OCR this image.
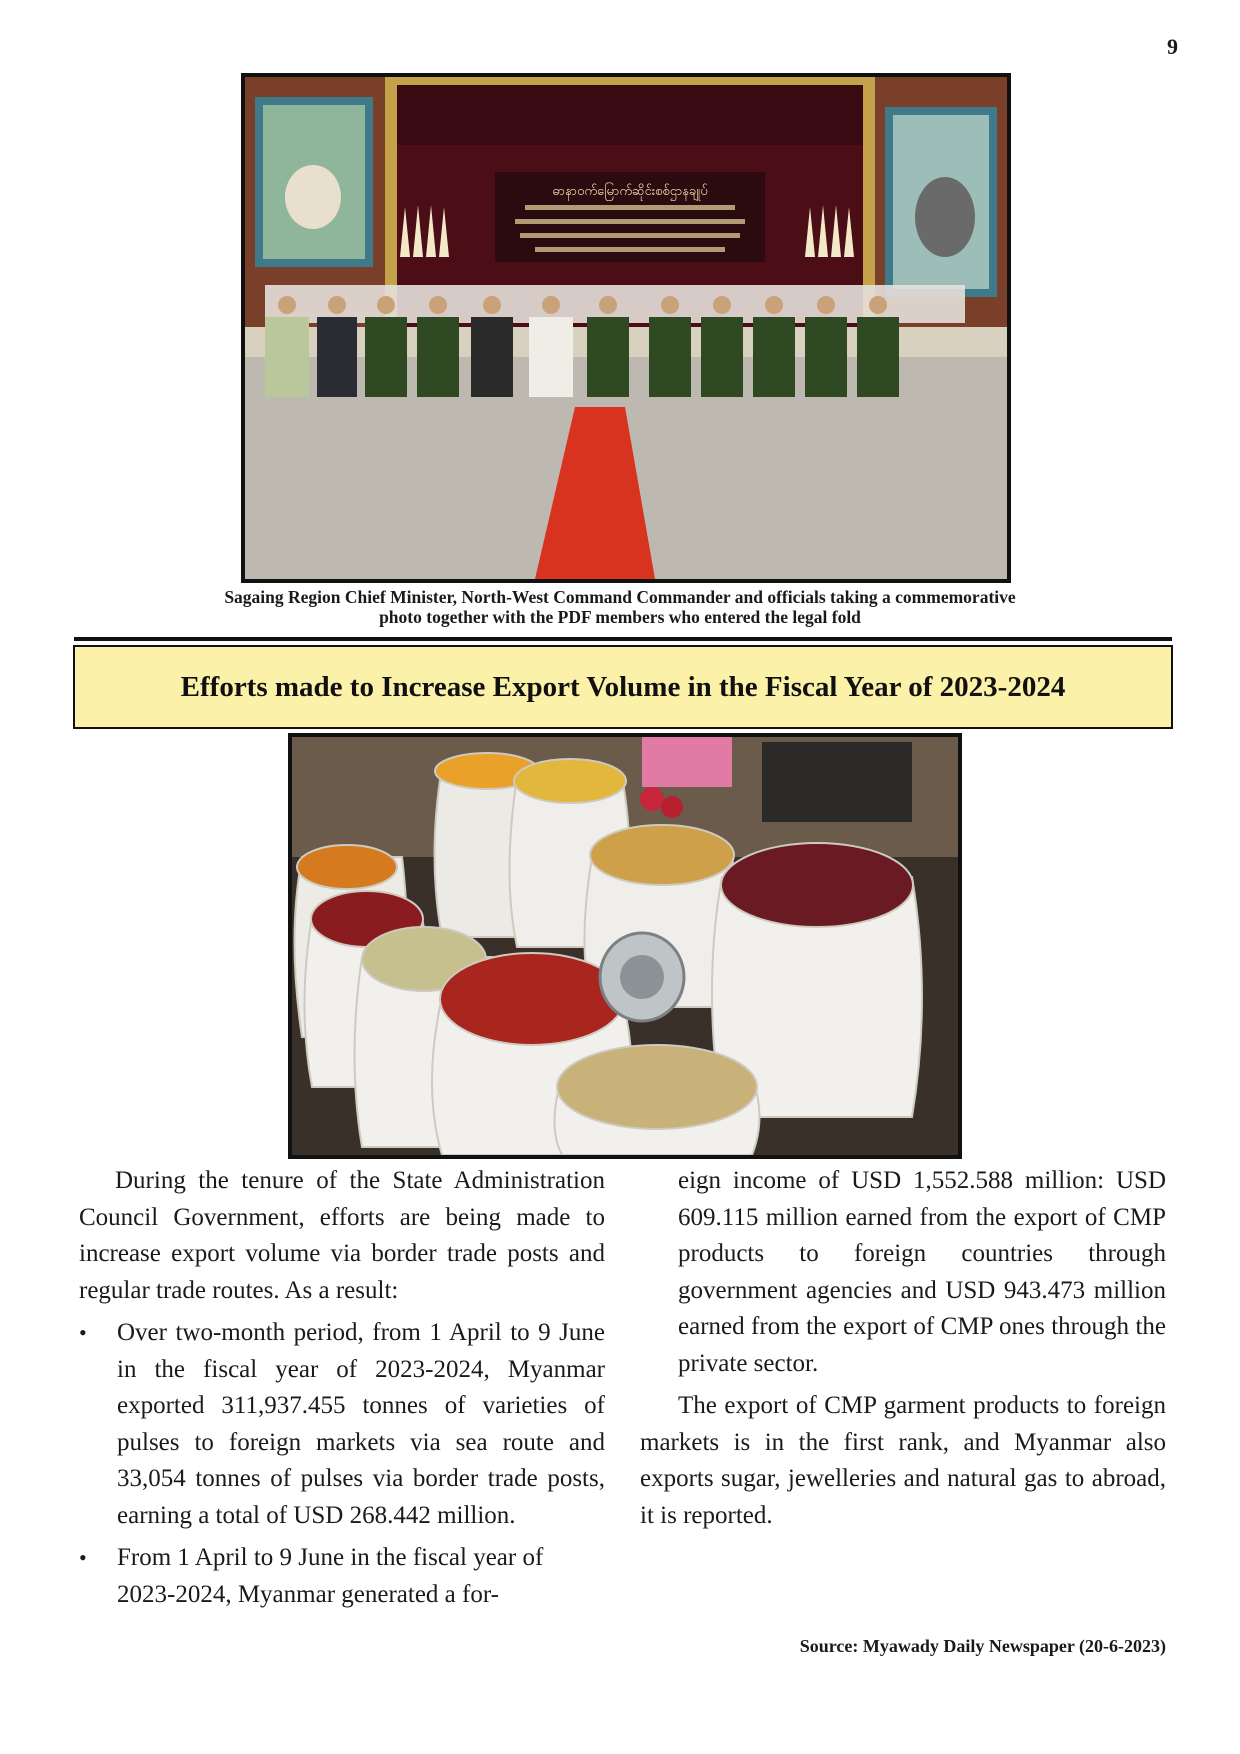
9
ဓာနာဝက်မြောက်ဆိုင်းစစ်ဌာနချုပ်
Sagaing Region Chief Minister, North-West Command Commander and officials taking a commemorative
photo together with the PDF members who entered the legal fold
Efforts made to Increase Export Volume in the Fiscal Year of 2023-2024

During the tenure of the State Administration Council Government, efforts are being made to increase export volume via border trade posts and regular trade routes. As a result:

• Over two-month period, from 1 April to 9 June in the fiscal year of 2023-2024, Myanmar exported 311,937.455 tonnes of varieties of pulses to foreign markets via sea route and 33,054 tonnes of pulses via border trade posts, earning a total of USD 268.442 million.
• From 1 April to 9 June in the fiscal year of 2023-2024, Myanmar generated a for-

eign income of USD 1,552.588 million: USD 609.115 million earned from the export of CMP products to foreign countries through government agencies and USD 943.473 million earned from the export of CMP ones through the private sector.

The export of CMP garment products to foreign markets is in the first rank, and Myanmar also exports sugar, jewelleries and natural gas to abroad, it is reported.

Source: Myawady Daily Newspaper (20-6-2023)
